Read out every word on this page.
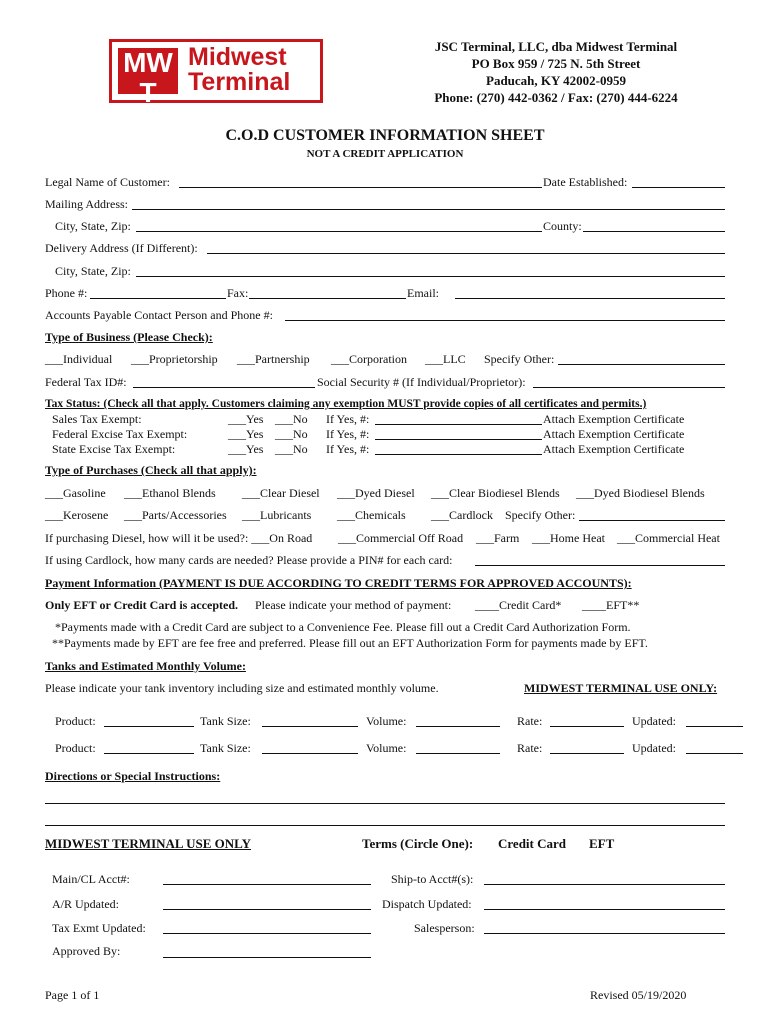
MW
T
Midwest
Terminal
JSC Terminal, LLC, dba Midwest Terminal
PO Box 959 / 725 N. 5th Street
Paducah, KY 42002-0959
Phone: (270) 442-0362 / Fax: (270) 444-6224
C.O.D CUSTOMER INFORMATION SHEET
NOT A CREDIT APPLICATION
Legal Name of Customer:	Date Established:
Mailing Address:
City, State, Zip:	County:
Delivery Address (If Different):
City, State, Zip:
Phone #:	Fax:	Email:
Accounts Payable Contact Person and Phone #:
Type of Business (Please Check):
___Individual ___Proprietorship ___Partnership ___Corporation ___LLC Specify Other:
Federal Tax ID#:	Social Security # (If Individual/Proprietor):
Tax Status: (Check all that apply. Customers claiming any exemption MUST provide copies of all certificates and permits.)
Sales Tax Exempt:	___Yes ___No If Yes, #:	Attach Exemption Certificate
Federal Excise Tax Exempt:	___Yes ___No If Yes, #:	Attach Exemption Certificate
State Excise Tax Exempt:	___Yes ___No If Yes, #:	Attach Exemption Certificate
Type of Purchases (Check all that apply):
___Gasoline ___Ethanol Blends ___Clear Diesel ___Dyed Diesel ___Clear Biodiesel Blends ___Dyed Biodiesel Blends
___Kerosene ___Parts/Accessories ___Lubricants ___Chemicals ___Cardlock Specify Other:
If purchasing Diesel, how will it be used?: ___On Road ___Commercial Off Road ___Farm ___Home Heat ___Commercial Heat
If using Cardlock, how many cards are needed? Please provide a PIN# for each card:
Payment Information (PAYMENT IS DUE ACCORDING TO CREDIT TERMS FOR APPROVED ACCOUNTS):
Only EFT or Credit Card is accepted. Please indicate your method of payment: ____Credit Card* ____EFT**
*Payments made with a Credit Card are subject to a Convenience Fee. Please fill out a Credit Card Authorization Form.
**Payments made by EFT are fee free and preferred. Please fill out an EFT Authorization Form for payments made by EFT.
Tanks and Estimated Monthly Volume:
Please indicate your tank inventory including size and estimated monthly volume.	MIDWEST TERMINAL USE ONLY:
Product:	Tank Size:	Volume:	Rate:	Updated:
Product:	Tank Size:	Volume:	Rate:	Updated:
Directions or Special Instructions:
MIDWEST TERMINAL USE ONLY	Terms (Circle One): Credit Card EFT
Main/CL Acct#:	Ship-to Acct#(s):
A/R Updated:	Dispatch Updated:
Tax Exmt Updated:	Salesperson:
Approved By:
Page 1 of 1	Revised 05/19/2020
